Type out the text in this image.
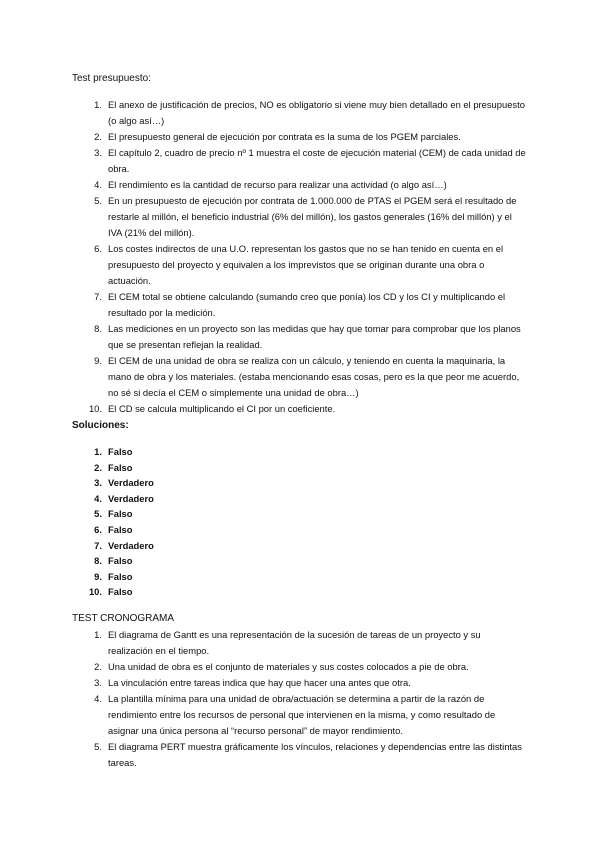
Test presupuesto:
1. El anexo de justificación de precios, NO es obligatorio si viene muy bien detallado en el presupuesto (o algo así…)
2. El presupuesto general de ejecución por contrata es la suma de los PGEM parciales.
3. El capítulo 2, cuadro de precio nº 1 muestra el coste de ejecución material (CEM) de cada unidad de obra.
4. El rendimiento es la cantidad de recurso para realizar una actividad (o algo así…)
5. En un presupuesto de ejecución por contrata de 1.000.000 de PTAS el PGEM será el resultado de restarle al millón, el beneficio industrial (6% del millón), los gastos generales (16% del millón) y el IVA (21% del millón).
6. Los costes indirectos de una U.O. representan los gastos que no se han tenido en cuenta en el presupuesto del proyecto y equivalen a los imprevistos que se originan durante una obra o actuación.
7. El CEM total se obtiene calculando (sumando creo que ponía) los CD y los CI y multiplicando el resultado por la medición.
8. Las mediciones en un proyecto son las medidas que hay que tomar para comprobar que los planos que se presentan reflejan la realidad.
9. El CEM de una unidad de obra se realiza con un cálculo, y teniendo en cuenta la maquinaria, la mano de obra y los materiales. (estaba mencionando esas cosas, pero es la que peor me acuerdo, no sé si decía el CEM o simplemente una unidad de obra…)
10. El CD se calcula multiplicando el CI por un coeficiente.
Soluciones:
1. Falso
2. Falso
3. Verdadero
4. Verdadero
5. Falso
6. Falso
7. Verdadero
8. Falso
9. Falso
10. Falso
TEST CRONOGRAMA
1. El diagrama de Gantt es una representación de la sucesión de tareas de un proyecto y su realización en el tiempo.
2. Una unidad de obra es el conjunto de materiales y sus costes colocados a pie de obra.
3. La vinculación entre tareas indica que hay que hacer una antes que otra.
4. La plantilla mínima para una unidad de obra/actuación se determina a partir de la razón de rendimiento entre los recursos de personal que intervienen en la misma, y como resultado de asignar una única persona al “recurso personal” de mayor rendimiento.
5. El diagrama PERT muestra gráficamente los vínculos, relaciones y dependencias entre las distintas tareas.
